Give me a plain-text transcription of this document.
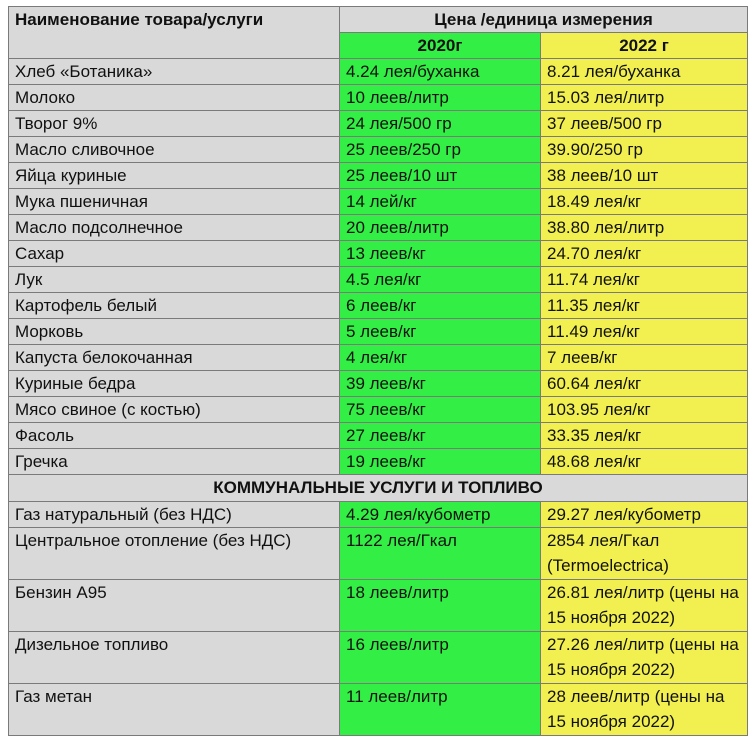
Наименование товара/услуги	Цена /единица измерения	
	2020г	2022 г
Хлеб «Ботаника»	4.24 лея/буханка	8.21 лея/буханка
Молоко	10 леев/литр	15.03 лея/литр
Творог 9%	24 лея/500 гр	37 леев/500 гр
Масло сливочное	25 леев/250 гр	39.90/250 гр
Яйца куриные	25 леев/10 шт	38 леев/10 шт
Мука пшеничная	14 лей/кг	18.49 лея/кг
Масло подсолнечное	20 леев/литр	38.80 лея/литр
Сахар	13 леев/кг	24.70 лея/кг
Лук	4.5 лея/кг	11.74 лея/кг
Картофель белый	6 леев/кг	11.35 лея/кг
Морковь	5 леев/кг	11.49 лея/кг
Капуста белокочанная	4 лея/кг	7 леев/кг
Куриные бедра	39 леев/кг	60.64 лея/кг
Мясо свиное (с костью)	75 леев/кг	103.95 лея/кг
Фасоль	27 леев/кг	33.35 лея/кг
Гречка	19 леев/кг	48.68 лея/кг
КОММУНАЛЬНЫЕ УСЛУГИ И ТОПЛИВО		
Газ натуральный (без НДС)	4.29 лея/кубометр	29.27 лея/кубометр
Центральное отопление (без НДС)	1122 лея/Гкал	2854 лея/Гкал (Termoelectrica)
Бензин А95	18 леев/литр	26.81 лея/литр (цены на 15 ноября 2022)
Дизельное топливо	16 леев/литр	27.26 лея/литр (цены на 15 ноября 2022)
Газ метан	11 леев/литр	28 леев/литр (цены на 15 ноября 2022)
